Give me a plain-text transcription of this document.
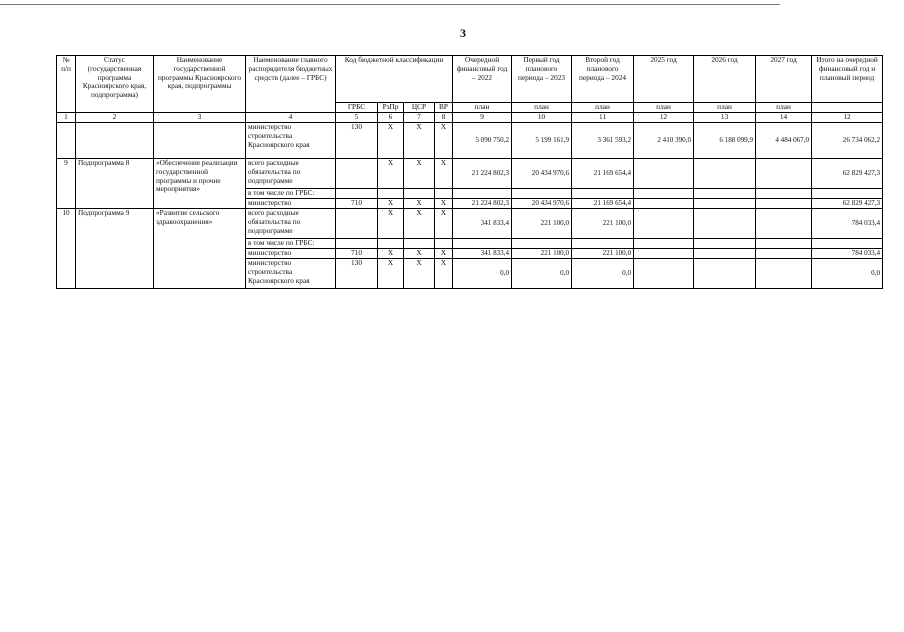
3
№ п/п	Статус (государственная программа Красноярского края, подпрограмма)	Наименование государственной программы Красноярского края, подпрограммы	Наименование главного распорядителя бюджетных средств (далее – ГРБС)	Код бюджетной классификации				Очередной финансовый год – 2022	Первый год планового периода – 2023	Второй год планового периода – 2024	2025 год	2026 год	2027 год	Итого на очередной финансовый год и плановый период
				ГРБС	РзПр	ЦСР	ВР	план	план	план	план	план	план	
1	2	3	4	5	6	7	8	9	10	11	12	13	14	12
			министерство строительства Красноярского края	130	Х	Х	Х	5 090 750,2	5 199 161,9	3 361 593,2	2 410 390,0	6 188 099,9	4 484 067,0	26 734 062,2
9	Подпрограмма 8	«Обеспечение реализации государственной программы и прочие мероприятия»	всего расходные обязательства по подпрограмме		Х	Х	Х	21 224 802,3	20 434 970,6	21 169 654,4				62 829 427,3
			в том числе по ГРБС:											
			министерство	710	Х	Х	Х	21 224 802,3	20 434 970,6	21 169 654,4				62 829 427,3
10	Подпрограмма 9	«Развитие сельского здравоохранения»	всего расходные обязательства по подпрограмме		Х	Х	Х	341 833,4	221 100,0	221 100,0				784 033,4
			в том числе по ГРБС:											
			министерство	710	Х	Х	Х	341 833,4	221 100,0	221 100,0				784 033,4
			министерство строительства Красноярского края	130	Х	Х	Х	0,0	0,0	0,0				0,0
